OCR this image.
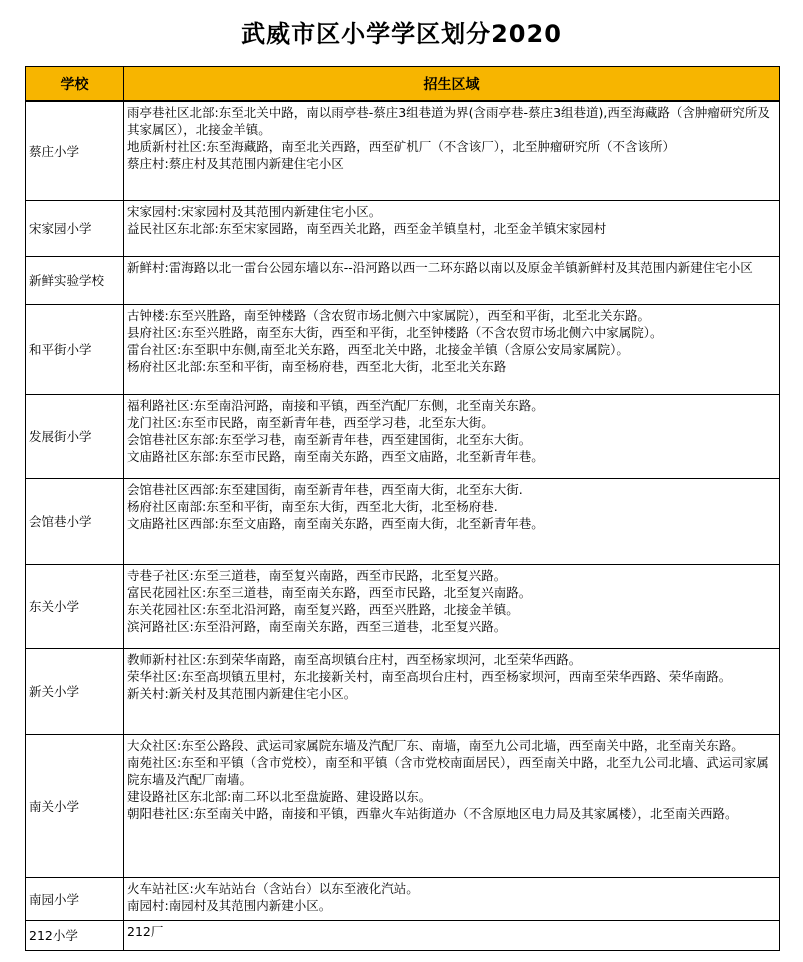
武威市区小学学区划分2020
学校	招生区域
蔡庄小学	雨亭巷社区北部:东至北关中路，南以雨亭巷-蔡庄3组巷道为界(含雨亭巷-蔡庄3组巷道),西至海藏路（含肿瘤研究所及其家属区），北接金羊镇。
地质新村社区:东至海藏路，南至北关西路，西至矿机厂（不含该厂），北至肿瘤研究所（不含该所）
蔡庄村:蔡庄村及其范围内新建住宅小区

宋家园小学	宋家园村:宋家园村及其范围内新建住宅小区。
益民社区东北部:东至宋家园路，南至西关北路，西至金羊镇皇村，北至金羊镇宋家园村

新鲜实验学校	新鲜村:雷海路以北一雷台公园东墙以东--沿河路以西一二环东路以南以及原金羊镇新鲜村及其范围内新建住宅小区

和平街小学	古钟楼:东至兴胜路，南至钟楼路（含农贸市场北侧六中家属院），西至和平街，北至北关东路。
县府社区:东至兴胜路，南至东大街，西至和平街，北至钟楼路（不含农贸市场北侧六中家属院）。
雷台社区:东至职中东侧,南至北关东路，西至北关中路，北接金羊镇（含原公安局家属院）。
杨府社区北部:东至和平街，南至杨府巷，西至北大街，北至北关东路

发展街小学	福利路社区:东至南沿河路，南接和平镇，西至汽配厂东侧，北至南关东路。
龙门社区:东至市民路，南至新青年巷，西至学习巷，北至东大街。
会馆巷社区东部:东至学习巷，南至新青年巷，西至建国街，北至东大街。
文庙路社区东部:东至市民路，南至南关东路，西至文庙路，北至新青年巷。

会馆巷小学	会馆巷社区西部:东至建国街，南至新青年巷，西至南大街，北至东大街.
杨府社区南部:东至和平街，南至东大街，西至北大街，北至杨府巷.
文庙路社区西部:东至文庙路，南至南关东路，西至南大街，北至新青年巷。

东关小学	寺巷子社区:东至三道巷，南至复兴南路，西至市民路，北至复兴路。
富民花园社区:东至三道巷，南至南关东路，西至市民路，北至复兴南路。
东关花园社区:东至北沿河路，南至复兴路，西至兴胜路，北接金羊镇。
滨河路社区:东至沿河路，南至南关东路，西至三道巷，北至复兴路。

新关小学	教师新村社区:东到荣华南路，南至高坝镇台庄村，西至杨家坝河，北至荣华西路。
荣华社区:东至高坝镇五里村，东北接新关村，南至高坝台庄村，西至杨家坝河，西南至荣华西路、荣华南路。
新关村:新关村及其范围内新建住宅小区。

南关小学	大众社区:东至公路段、武运司家属院东墙及汽配厂东、南墙，南至九公司北墙，西至南关中路，北至南关东路。
南苑社区:东至和平镇（含市党校），南至和平镇（含市党校南面居民），西至南关中路，北至九公司北墙、武运司家属院东墙及汽配厂南墙。
建设路社区东北部:南二环以北至盘旋路、建设路以东。
朝阳巷社区:东至南关中路，南接和平镇，西靠火车站街道办（不含原地区电力局及其家属楼），北至南关西路。

南园小学	火车站社区:火车站站台（含站台）以东至液化汽站。
南园村:南园村及其范围内新建小区。

212小学	212厂
